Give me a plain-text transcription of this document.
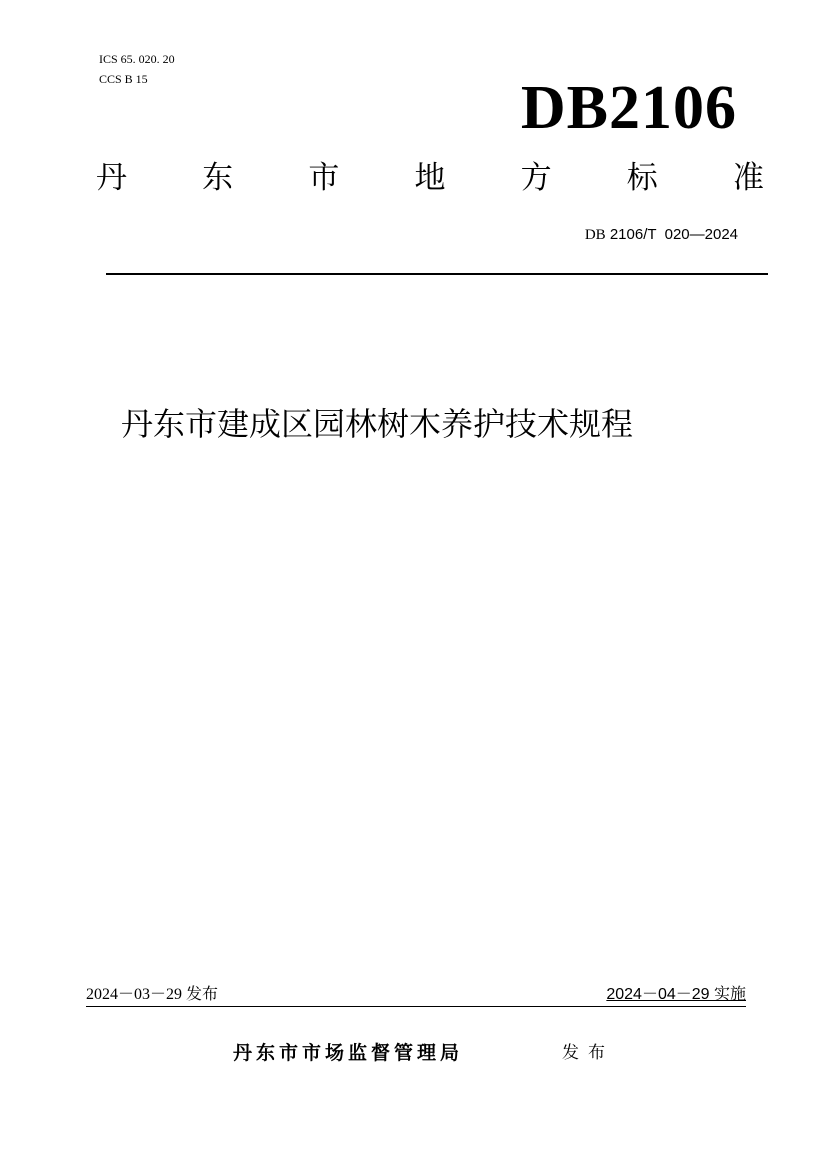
ICS 65. 020. 20
CCS B 15	DB2106
丹 东 市 地 方 标 准
DB 2106/T  020—2024
丹东市建成区园林树木养护技术规程
2024－03－29 发布	2024－04－29 实施
丹东市市场监督管理局	发布
